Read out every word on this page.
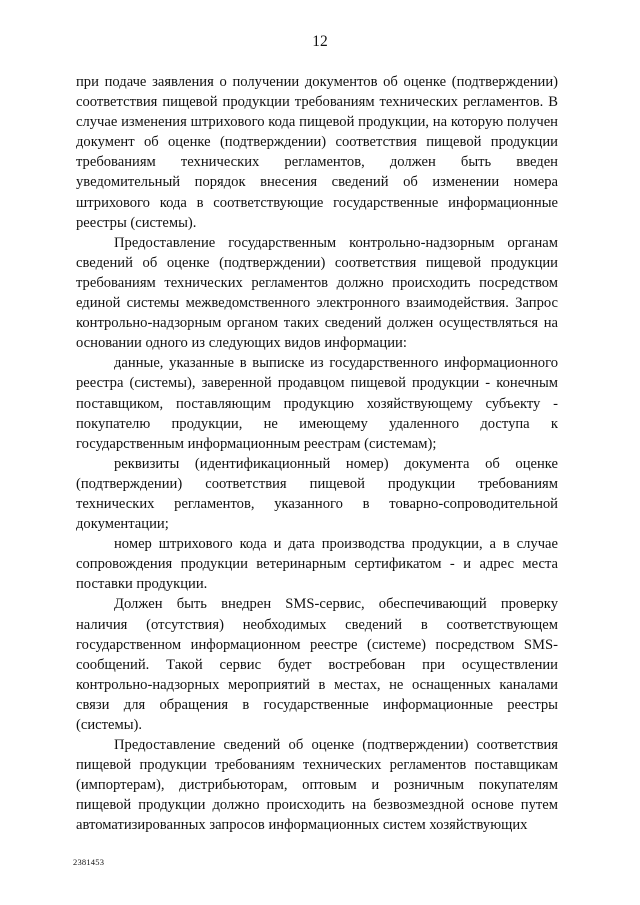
12

при подаче заявления о получении документов об оценке (подтверждении) соответствия пищевой продукции требованиям технических регламентов. В случае изменения штрихового кода пищевой продукции, на которую получен документ об оценке (подтверждении) соответствия пищевой продукции требованиям технических регламентов, должен быть введен уведомительный порядок внесения сведений об изменении номера штрихового кода в соответствующие государственные информационные реестры (системы).

Предоставление государственным контрольно-надзорным органам сведений об оценке (подтверждении) соответствия пищевой продукции требованиям технических регламентов должно происходить посредством единой системы межведомственного электронного взаимодействия. Запрос контрольно-надзорным органом таких сведений должен осуществляться на основании одного из следующих видов информации:

данные, указанные в выписке из государственного информационного реестра (системы), заверенной продавцом пищевой продукции - конечным поставщиком, поставляющим продукцию хозяйствующему субъекту - покупателю продукции, не имеющему удаленного доступа к государственным информационным реестрам (системам);

реквизиты (идентификационный номер) документа об оценке (подтверждении) соответствия пищевой продукции требованиям технических регламентов, указанного в товарно-сопроводительной документации;

номер штрихового кода и дата производства продукции, а в случае сопровождения продукции ветеринарным сертификатом - и адрес места поставки продукции.

Должен быть внедрен SMS-сервис, обеспечивающий проверку наличия (отсутствия) необходимых сведений в соответствующем государственном информационном реестре (системе) посредством SMS-сообщений. Такой сервис будет востребован при осуществлении контрольно-надзорных мероприятий в местах, не оснащенных каналами связи для обращения в государственные информационные реестры (системы).

Предоставление сведений об оценке (подтверждении) соответствия пищевой продукции требованиям технических регламентов поставщикам (импортерам), дистрибьюторам, оптовым и розничным покупателям пищевой продукции должно происходить на безвозмездной основе путем автоматизированных запросов информационных систем хозяйствующих

2381453
